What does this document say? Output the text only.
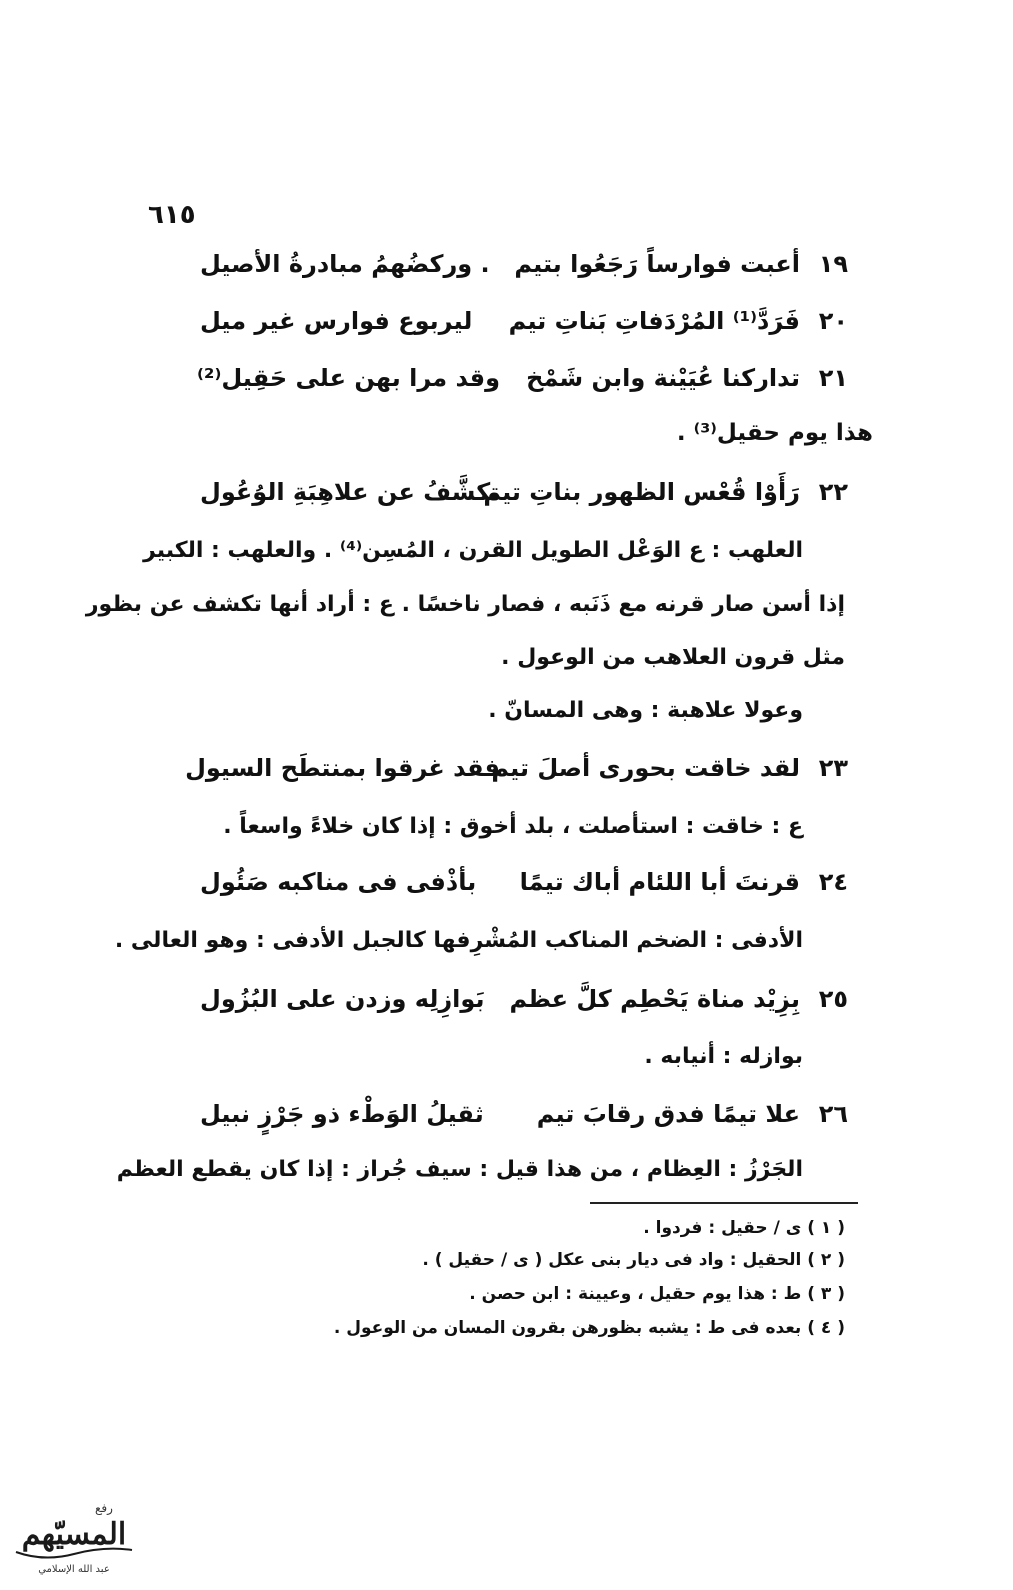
٦١٥
١٩
أعبت فوارساً رَجَعُوا بتيم
. وركضُهمُ مبادرةُ الأصيل
٢٠
فَرَدَّ⁽¹⁾ المُرْدَفاتِ بَناتِ تيم
ليربوع فوارس غير ميل
٢١
تداركنا عُيَيْنة وابن شَمْخ
وقد مرا بهن على حَقِيل⁽²⁾
هذا يوم حقيل⁽³⁾ .
٢٢
رَأَوْا قُعْس الظهور بناتِ تيم
تكشَّفُ عن علاهِبَةِ الوُعُول
العلهب : ع الوَعْل الطويل القرن ، المُسِن⁽⁴⁾ . والعلهب : الكبير
إذا أسن صار قرنه مع ذَنَبه ، فصار ناخسًا . ع : أراد أنها تكشف عن بظور
مثل قرون العلاهب من الوعول .
وعولا علاهبة : وهى المسانّ .
٢٣
لقد خاقت بحورى أصلَ تيم
فقد غرقوا بمنتطَح السيول
ع : خاقت : استأصلت ، بلد أخوق : إذا كان خلاءً واسعاً .
٢٤
قرنتَ أبا اللئام أباك تيمًا
بأذْفى فى مناكبه صَئُول
الأدفى : الضخم المناكب المُشْرِفها كالجبل الأدفى : وهو العالى .
٢٥
بِزِيْد مناة يَحْطِم كلَّ عظم
بَوازِلِه وزدن على البُزُول
بوازله : أنيابه .
٢٦
علا تيمًا فدق رقابَ تيم
ثقيلُ الوَطْء ذو جَرْزٍ نبيل
الجَرْزُ : العِظام ، من هذا قيل : سيف جُراز : إذا كان يقطع العظم
( ١ ) ى / حقيل : فردوا .
( ٢ ) الحقيل : واد فى ديار بنى عكل ( ى / حقيل ) .
( ٣ ) ط : هذا يوم حقيل ، وعيينة : ابن حصن .
( ٤ ) بعده فى ط : يشبه بظورهن بقرون المسان من الوعول .
المسيّهم
عبد الله الإسلامي
رفع
